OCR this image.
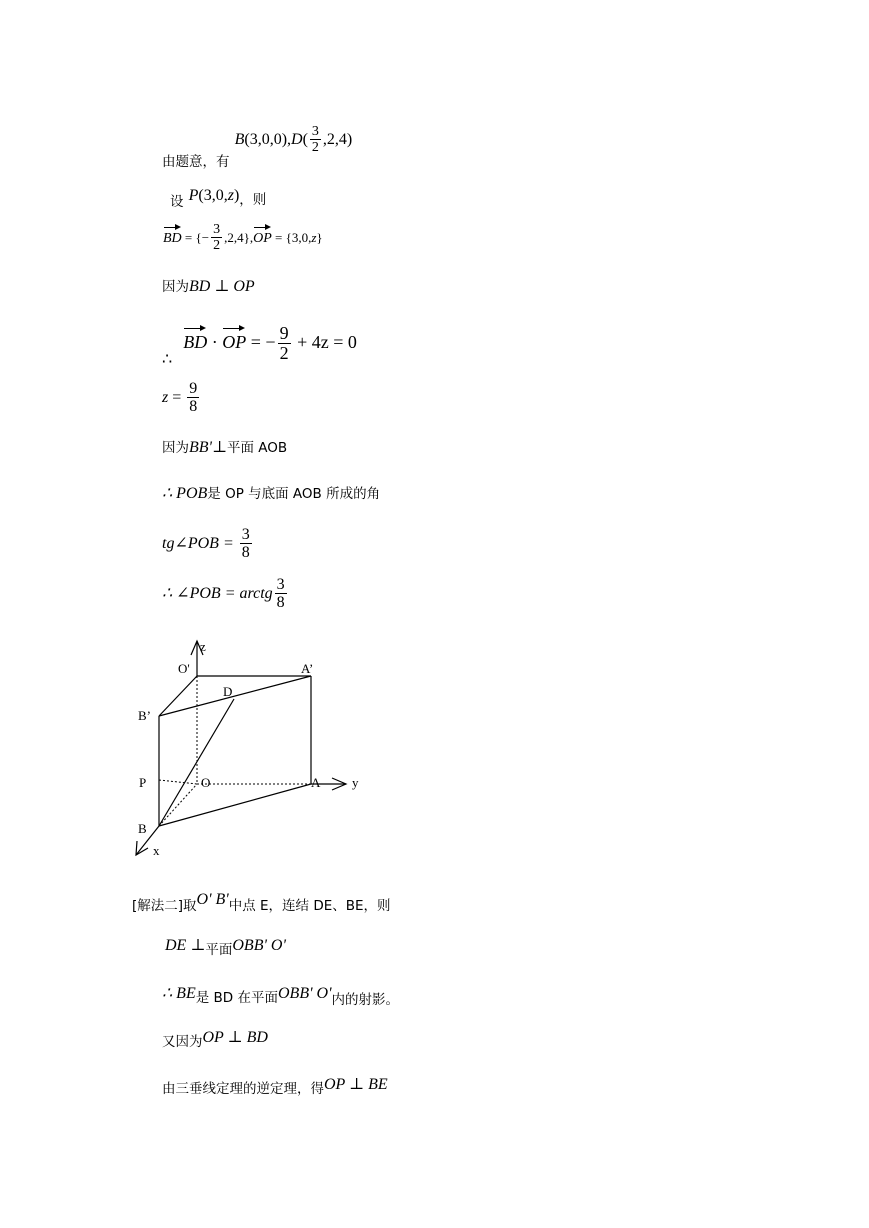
$_{由题意,有}$ $B(3,0,0),D( \frac{3}{2} ,2,4)$
$_设$ $P(3,0,z)_{,则}$
BD = {− $\frac{3}{2} ,2,4\},OP = \{3,0,z\}$
因为BD ⊥ OP
∴ BD · OP = − $\frac{9}{2} + 4z = 0$
$z = \frac{9}{8}$
因为BB'⊥平面 AOB
∴ POB是 OP 与底面 AOB 所成的角
tg∠POB = $\frac{3}{8}$
∴ ∠POB = arctg $\frac{3}{8}$
z
O'	A’
D
B’
P	O	A y
B
x
$_{[解法二]取}$O' $B'_{中点 E,连结 DE、BE,则}$
DE $\perp_{平面}OBB'$ O'
∴ $BE_{是 BD 在平面}OBB'$ $O'_{内的射影。}$
$_{又因为}$OP ⊥ BD
$_{由三垂线定理的逆定理,得}$OP ⊥ BE
